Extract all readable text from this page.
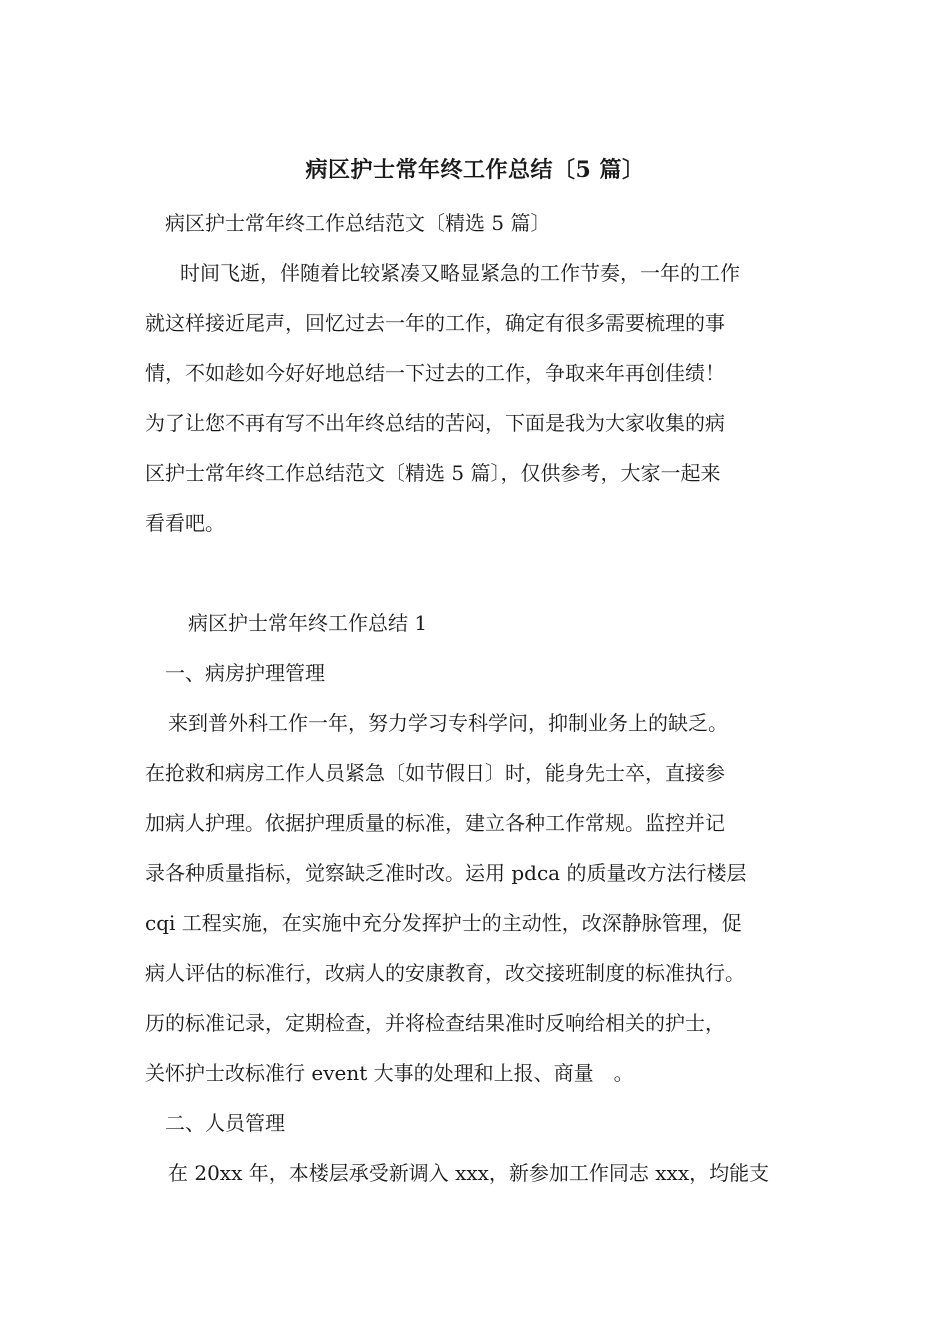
病区护士常年终工作总结〔5 篇〕
病区护士常年终工作总结范文〔精选 5 篇〕
时间飞逝，伴随着比较紧凑又略显紧急的工作节奏，一年的工作
就这样接近尾声，回忆过去一年的工作，确定有很多需要梳理的事
情，不如趁如今好好地总结一下过去的工作，争取来年再创佳绩！
为了让您不再有写不出年终总结的苦闷，下面是我为大家收集的病
区护士常年终工作总结范文〔精选 5 篇〕，仅供参考，大家一起来
看看吧。
病区护士常年终工作总结 1
一、病房护理管理
来到普外科工作一年，努力学习专科学问，抑制业务上的缺乏。
在抢救和病房工作人员紧急〔如节假日〕时，能身先士卒，直接参
加病人护理。依据护理质量的标准，建立各种工作常规。监控并记
录各种质量指标，觉察缺乏准时改。运用 pdca 的质量改方法行楼层
cqi 工程实施，在实施中充分发挥护士的主动性，改深静脉管理，促
病人评估的标准行，改病人的安康教育，改交接班制度的标准执行。
历的标准记录，定期检查，并将检查结果准时反响给相关的护士，
关怀护士改标准行 event 大事的处理和上报、商量　。
二、人员管理
在 20xx 年，本楼层承受新调入 xxx，新参加工作同志 xxx，均能支
